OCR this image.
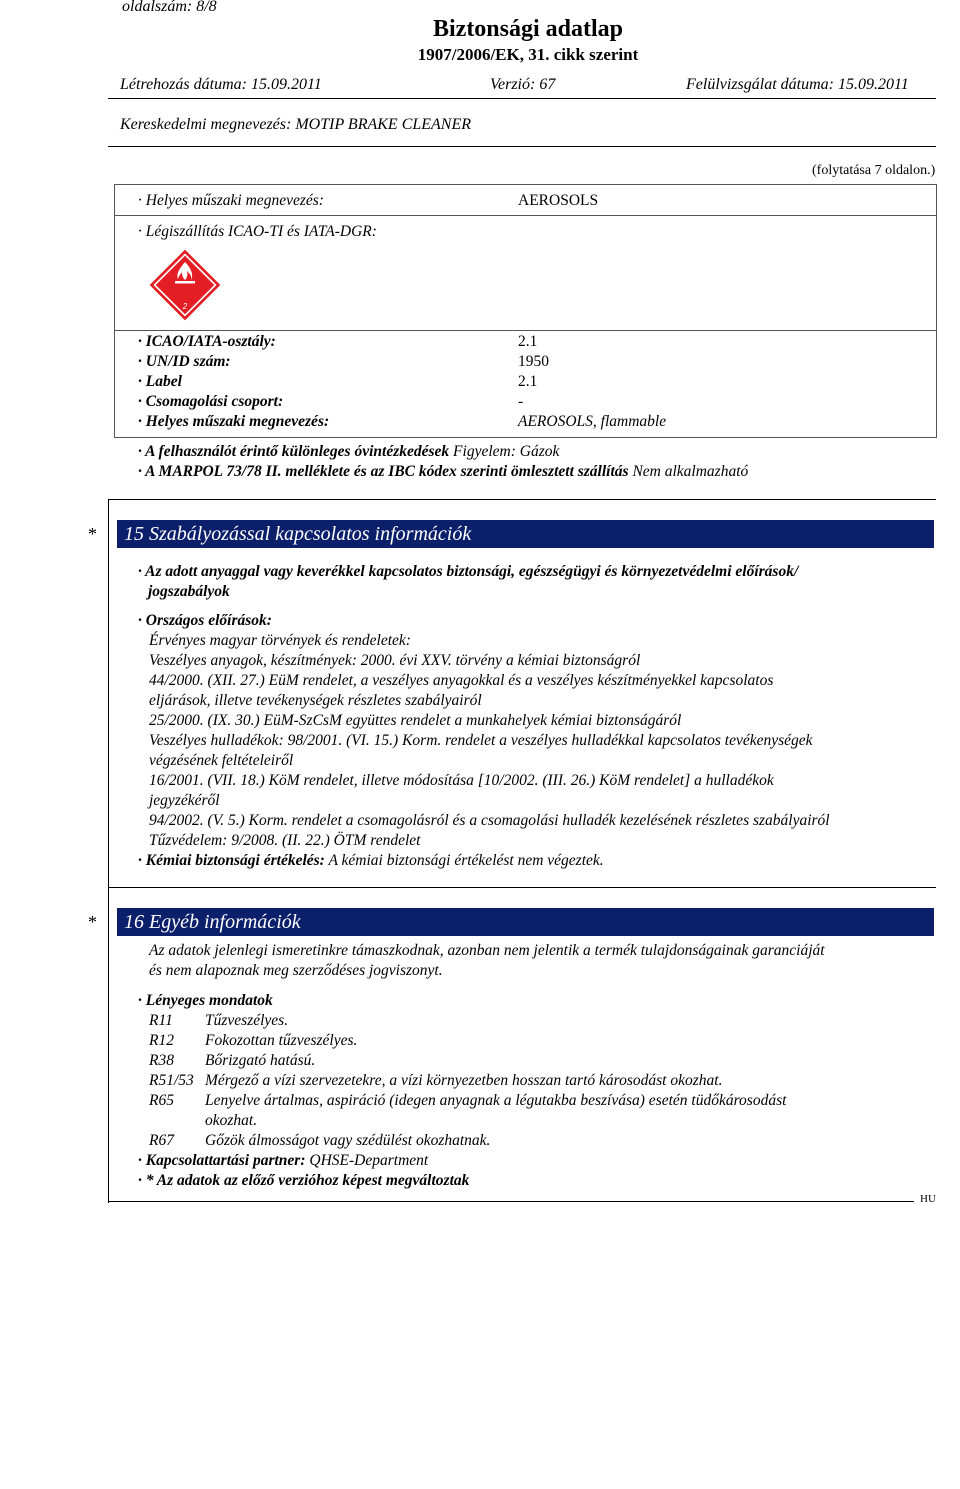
oldalszám: 8/8
Biztonsági adatlap
1907/2006/EK, 31. cikk szerint
Létrehozás dátuma: 15.09.2011	Verzió: 67	Felülvizsgálat dátuma: 15.09.2011
Kereskedelmi megnevezés: MOTIP BRAKE CLEANER
(folytatása 7 oldalon.)
· Helyes műszaki megnevezés:	AEROSOLS
· Légiszállítás ICAO-TI és IATA-DGR:
2
· ICAO/IATA-osztály:	2.1
· UN/ID szám:	1950
· Label	2.1
· Csomagolási csoport:	-
· Helyes műszaki megnevezés:	AEROSOLS, flammable
· A felhasználót érintő különleges óvintézkedések Figyelem: Gázok
· A MARPOL 73/78 II. melléklete és az IBC kódex szerinti ömlesztett szállítás Nem alkalmazható
*	15 Szabályozással kapcsolatos információk
· Az adott anyaggal vagy keverékkel kapcsolatos biztonsági, egészségügyi és környezetvédelmi előírások/
jogszabályok
· Országos előírások:
Érvényes magyar törvények és rendeletek:
Veszélyes anyagok, készítmények: 2000. évi XXV. törvény a kémiai biztonságról
44/2000. (XII. 27.) EüM rendelet, a veszélyes anyagokkal és a veszélyes készítményekkel kapcsolatos
eljárások, illetve tevékenységek részletes szabályairól
25/2000. (IX. 30.) EüM-SzCsM együttes rendelet a munkahelyek kémiai biztonságáról
Veszélyes hulladékok: 98/2001. (VI. 15.) Korm. rendelet a veszélyes hulladékkal kapcsolatos tevékenységek
végzésének feltételeiről
16/2001. (VII. 18.) KöM rendelet, illetve módosítása [10/2002. (III. 26.) KöM rendelet] a hulladékok
jegyzékéről
94/2002. (V. 5.) Korm. rendelet a csomagolásról és a csomagolási hulladék kezelésének részletes szabályairól
Tűzvédelem: 9/2008. (II. 22.) ÖTM rendelet
· Kémiai biztonsági értékelés: A kémiai biztonsági értékelést nem végeztek.
*	16 Egyéb információk
Az adatok jelenlegi ismeretinkre támaszkodnak, azonban nem jelentik a termék tulajdonságainak garanciáját
és nem alapoznak meg szerződéses jogviszonyt.
· Lényeges mondatok
R11 Tűzveszélyes.
R12 Fokozottan tűzveszélyes.
R38 Bőrizgató hatású.
R51/53 Mérgező a vízi szervezetekre, a vízi környezetben hosszan tartó károsodást okozhat.
R65 Lenyelve ártalmas, aspiráció (idegen anyagnak a légutakba beszívása) esetén tüdőkárosodást
okozhat.
R67 Gőzök álmosságot vagy szédülést okozhatnak.
· Kapcsolattartási partner: QHSE-Department
· * Az adatok az előző verzióhoz képest megváltoztak
HU
